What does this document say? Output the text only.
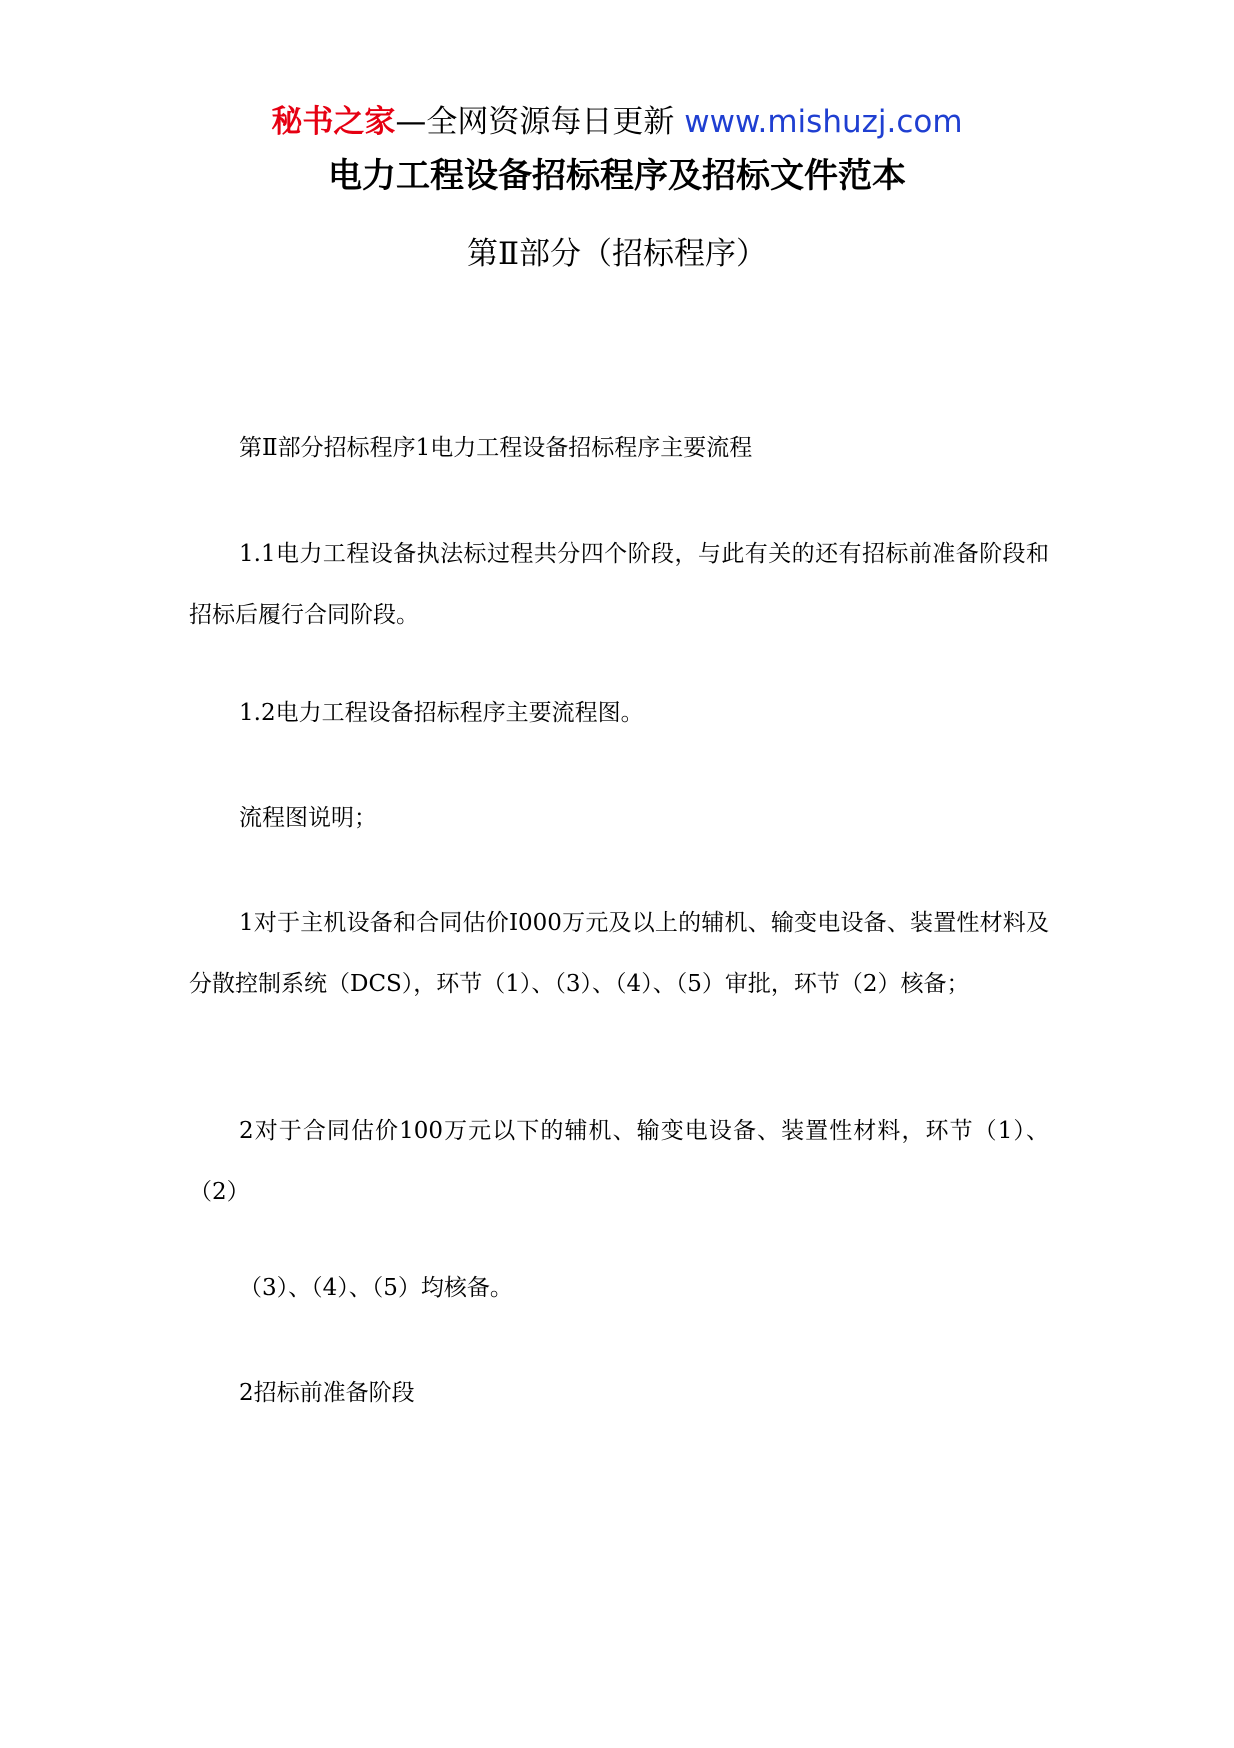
秘书之家—全网资源每日更新 www.mishuzj.com
电力工程设备招标程序及招标文件范本
第Ⅱ部分（招标程序）

第Ⅱ部分招标程序1电力工程设备招标程序主要流程

1.1电力工程设备执法标过程共分四个阶段，与此有关的还有招标前准备阶段和招标后履行合同阶段。

1.2电力工程设备招标程序主要流程图。

流程图说明；

1对于主机设备和合同估价I000万元及以上的辅机、输变电设备、装置性材料及分散控制系统（DCS），环节（1）、（3）、（4）、（5）审批，环节（2）核备；

2对于合同估价100万元以下的辅机、输变电设备、装置性材料，环节（1）、（2）

（3）、（4）、（5）均核备。

2招标前准备阶段
